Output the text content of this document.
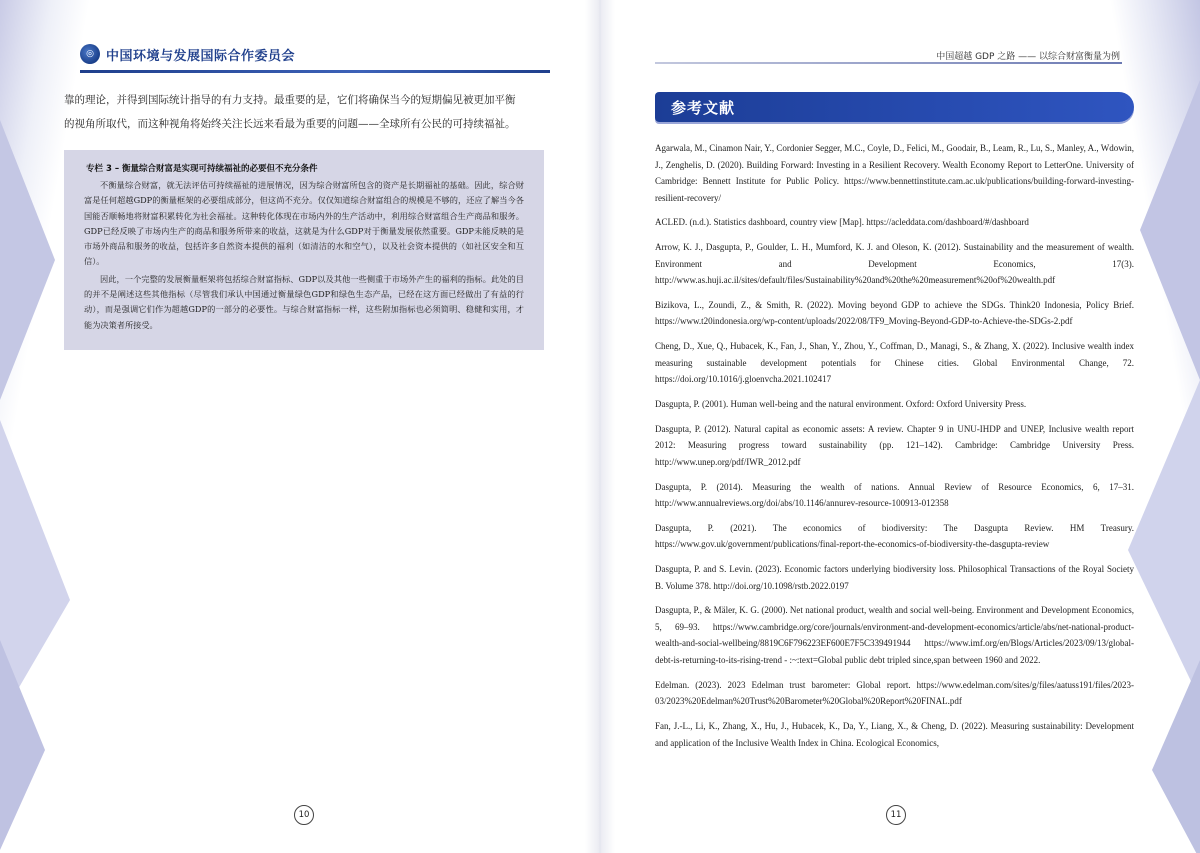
◎ 中国环境与发展国际合作委员会
靠的理论，并得到国际统计指导的有力支持。最重要的是，它们将确保当今的短期偏见被更加平衡
的视角所取代，而这种视角将始终关注长远来看最为重要的问题——全球所有公民的可持续福祉。
专栏 3 – 衡量综合财富是实现可持续福祉的必要但不充分条件

不衡量综合财富，就无法评估可持续福祉的进展情况，因为综合财富所包含的资产是长期福祉的基础。因此，综合财富是任何超越GDP的衡量框架的必要组成部分，但这尚不充分。仅仅知道综合财富组合的规模是不够的，还应了解当今各国能否顺畅地将财富积累转化为社会福祉。这种转化体现在市场内外的生产活动中，利用综合财富组合生产商品和服务。GDP已经反映了市场内生产的商品和服务所带来的收益，这就是为什么GDP对于衡量发展依然重要。GDP未能反映的是市场外商品和服务的收益，包括许多自然资本提供的福利（如清洁的水和空气），以及社会资本提供的（如社区安全和互信）。

因此，一个完整的发展衡量框架将包括综合财富指标、GDP以及其他一些侧重于市场外产生的福利的指标。此处的目的并不是阐述这些其他指标（尽管我们承认中国通过衡量绿色GDP和绿色生态产品，已经在这方面已经做出了有益的行动），而是强调它们作为超越GDP的一部分的必要性。与综合财富指标一样，这些附加指标也必须简明、稳健和实用，才能为决策者所接受。

10
中国超越 GDP 之路 —— 以综合财富衡量为例
参考文献
Agarwala, M., Cinamon Nair, Y., Cordonier Segger, M.C., Coyle, D., Felici, M., Goodair, B., Leam, R., Lu, S., Manley, A., Wdowin, J., Zenghelis, D. (2020). Building Forward: Investing in a Resilient Recovery. Wealth Economy Report to LetterOne. University of Cambridge: Bennett Institute for Public Policy. https://www.bennettinstitute.cam.ac.uk/publications/building-forward-investing-resilient-recovery/
ACLED. (n.d.). Statistics dashboard, country view [Map]. https://acleddata.com/dashboard/#/dashboard
Arrow, K. J., Dasgupta, P., Goulder, L. H., Mumford, K. J. and Oleson, K. (2012). Sustainability and the measurement of wealth. Environment and Development Economics, 17(3). http://www.as.huji.ac.il/sites/default/files/Sustainability%20and%20the%20measurement%20of%20wealth.pdf
Bizikova, L., Zoundi, Z., & Smith, R. (2022). Moving beyond GDP to achieve the SDGs. Think20 Indonesia, Policy Brief. https://www.t20indonesia.org/wp-content/uploads/2022/08/TF9_Moving-Beyond-GDP-to-Achieve-the-SDGs-2.pdf
Cheng, D., Xue, Q., Hubacek, K., Fan, J., Shan, Y., Zhou, Y., Coffman, D., Managi, S., & Zhang, X. (2022). Inclusive wealth index measuring sustainable development potentials for Chinese cities. Global Environmental Change, 72. https://doi.org/10.1016/j.gloenvcha.2021.102417
Dasgupta, P. (2001). Human well-being and the natural environment. Oxford: Oxford University Press.
Dasgupta, P. (2012). Natural capital as economic assets: A review. Chapter 9 in UNU-IHDP and UNEP, Inclusive wealth report 2012: Measuring progress toward sustainability (pp. 121–142). Cambridge: Cambridge University Press. http://www.unep.org/pdf/IWR_2012.pdf
Dasgupta, P. (2014). Measuring the wealth of nations. Annual Review of Resource Economics, 6, 17–31. http://www.annualreviews.org/doi/abs/10.1146/annurev-resource-100913-012358
Dasgupta, P. (2021). The economics of biodiversity: The Dasgupta Review. HM Treasury. https://www.gov.uk/government/publications/final-report-the-economics-of-biodiversity-the-dasgupta-review
Dasgupta, P. and S. Levin. (2023). Economic factors underlying biodiversity loss. Philosophical Transactions of the Royal Society B. Volume 378. http://doi.org/10.1098/rstb.2022.0197
Dasgupta, P., & Mäler, K. G. (2000). Net national product, wealth and social well-being. Environment and Development Economics, 5, 69–93. https://www.cambridge.org/core/journals/environment-and-development-economics/article/abs/net-national-product-wealth-and-social-wellbeing/8819C6F796223EF600E7F5C339491944 https://www.imf.org/en/Blogs/Articles/2023/09/13/global-debt-is-returning-to-its-rising-trend - :~:text=Global public debt tripled since,span between 1960 and 2022.
Edelman. (2023). 2023 Edelman trust barometer: Global report. https://www.edelman.com/sites/g/files/aatuss191/files/2023-03/2023%20Edelman%20Trust%20Barometer%20Global%20Report%20FINAL.pdf
Fan, J.-L., Li, K., Zhang, X., Hu, J., Hubacek, K., Da, Y., Liang, X., & Cheng, D. (2022). Measuring sustainability: Development and application of the Inclusive Wealth Index in China. Ecological Economics,
11
